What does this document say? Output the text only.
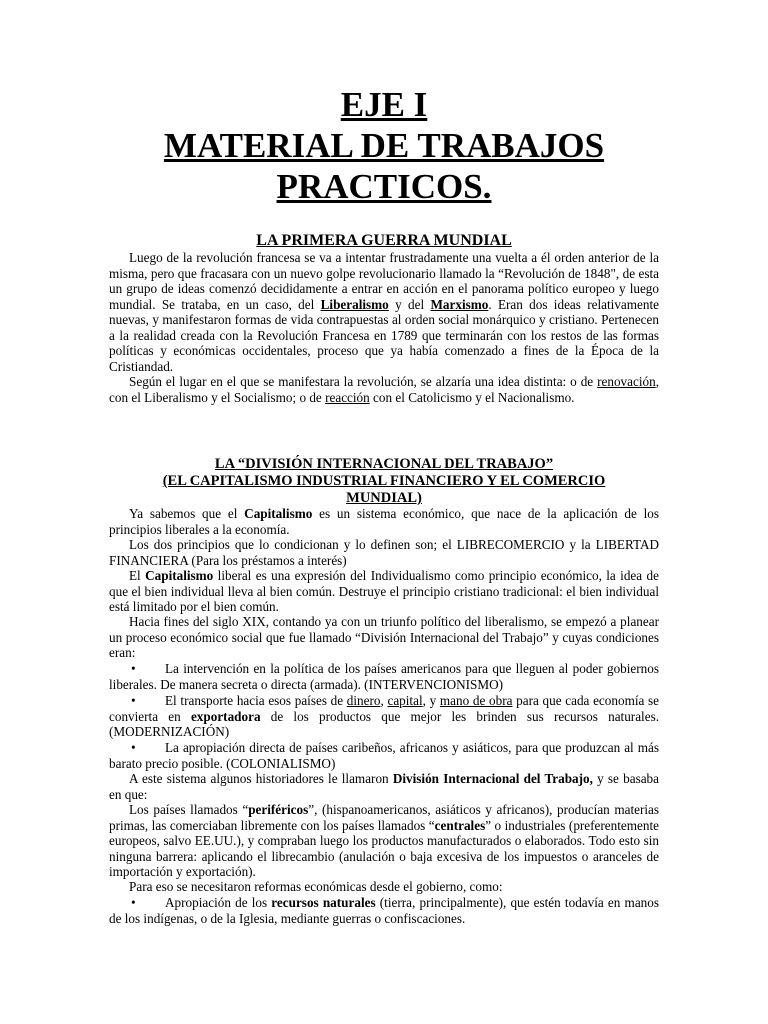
EJE I
MATERIAL DE TRABAJOS
PRACTICOS.
LA PRIMERA GUERRA MUNDIAL
Luego de la revolución francesa se va a intentar frustradamente una vuelta a él orden anterior de la misma, pero que fracasara con un nuevo golpe revolucionario llamado la “Revolución de 1848", de esta un grupo de ideas comenzó decididamente a entrar en acción en el panorama político europeo y luego mundial. Se trataba, en un caso, del Liberalismo y del Marxismo. Eran dos ideas relativamente nuevas, y manifestaron formas de vida contrapuestas al orden social monárquico y cristiano. Pertenecen a la realidad creada con la Revolución Francesa en 1789 que terminarán con los restos de las formas políticas y económicas occidentales, proceso que ya había comenzado a fines de la Época de la Cristiandad.
Según el lugar en el que se manifestara la revolución, se alzaría una idea distinta: o de renovación, con el Liberalismo y el Socialismo; o de reacción con el Catolicismo y el Nacionalismo.
LA “DIVISIÓN INTERNACIONAL DEL TRABAJO”
(EL CAPITALISMO INDUSTRIAL FINANCIERO Y EL COMERCIO
MUNDIAL)
Ya sabemos que el Capitalismo es un sistema económico, que nace de la aplicación de los principios liberales a la economía.
Los dos principios que lo condicionan y lo definen son; el LIBRECOMERCIO y la LIBERTAD FINANCIERA (Para los préstamos a interés)
El Capitalismo liberal es una expresión del Individualismo como principio económico, la idea de que el bien individual lleva al bien común. Destruye el principio cristiano tradicional: el bien individual está limitado por el bien común.
Hacia fines del siglo XIX, contando ya con un triunfo político del liberalismo, se empezó a planear un proceso económico social que fue llamado “División Internacional del Trabajo” y cuyas condiciones eran:
• La intervención en la política de los países americanos para que lleguen al poder gobiernos liberales. De manera secreta o directa (armada). (INTERVENCIONISMO)
• El transporte hacia esos países de dinero, capital, y mano de obra para que cada economía se convierta en exportadora de los productos que mejor les brinden sus recursos naturales. (MODERNIZACIÓN)
• La apropiación directa de países caribeños, africanos y asiáticos, para que produzcan al más barato precio posible. (COLONIALISMO)
A este sistema algunos historiadores le llamaron División Internacional del Trabajo, y se basaba en que:
Los países llamados “periféricos”, (hispanoamericanos, asiáticos y africanos), producían materias primas, las comerciaban libremente con los países llamados “centrales” o industriales (preferentemente europeos, salvo EE.UU.), y compraban luego los productos manufacturados o elaborados. Todo esto sin ninguna barrera: aplicando el librecambio (anulación o baja excesiva de los impuestos o aranceles de importación y exportación).
Para eso se necesitaron reformas económicas desde el gobierno, como:
• Apropiación de los recursos naturales (tierra, principalmente), que estén todavía en manos de los indígenas, o de la Iglesia, mediante guerras o confiscaciones.
